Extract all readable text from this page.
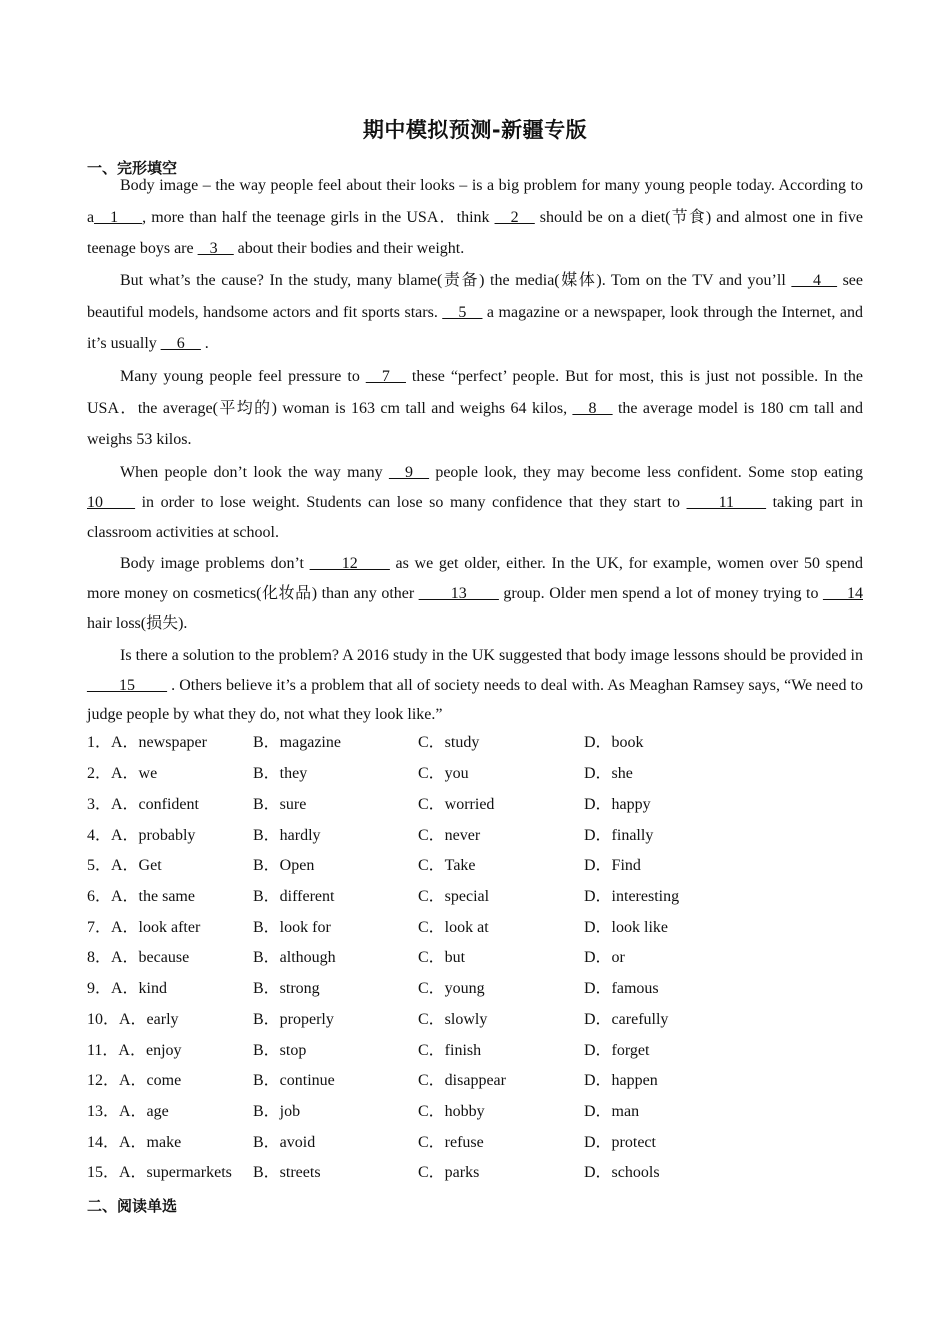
期中模拟预测-新疆专版
一、完形填空
Body image – the way people feel about their looks – is a big problem for many young people today. According to a__1___, more than half the teenage girls in the USA．think __2__ should be on a diet(节食) and almost one in five teenage boys are  _3__ about their bodies and their weight.
But what’s the cause? In the study, many blame(责备) the media(媒体). Tom on the TV and you’ll  __4__ see beautiful models, handsome actors and fit sports stars. __5__ a magazine or a newspaper, look through the Internet, and it’s usually __6__ .
Many young people feel pressure to __7__ these “perfect’ people. But for most, this is just not possible. In the USA．the average(平均的) woman is 163 cm tall and weighs 64 kilos, __8__ the average model is 180 cm tall and weighs 53 kilos.
When people don’t look the way many __9__ people look, they may become less confident. Some stop eating 10____ in order to lose weight. Students can lose so many confidence that they start to ____11____ taking part in classroom activities at school.
Body image problems don’t ____12____ as we get older, either. In the UK, for example, women over 50 spend more money on cosmetics(化妆品) than any other ____13____ group. Older men spend a lot of money trying to ___14 hair loss(损失).
Is there a solution to the problem? A 2016 study in the UK suggested that body image lessons should be provided in ____15____ . Others believe it’s a problem that all of society needs to deal with. As Meaghan Ramsey says, “We need to judge people by what they do, not what they look like.”
1．A．newspaper	B．magazine	C．study	D．book
2．A．we	B．they	C．you	D．she
3．A．confident	B．sure	C．worried	D．happy
4．A．probably	B．hardly	C．never	D．finally
5．A．Get	B．Open	C．Take	D．Find
6．A．the same	B．different	C．special	D．interesting
7．A．look after	B．look for	C．look at	D．look like
8．A．because	B．although	C．but	D．or
9．A．kind	B．strong	C．young	D．famous
10．A．early	B．properly	C．slowly	D．carefully
11．A．enjoy	B．stop	C．finish	D．forget
12．A．come	B．continue	C．disappear	D．happen
13．A．age	B．job	C．hobby	D．man
14．A．make	B．avoid	C．refuse	D．protect
15．A．supermarkets B．streets	C．parks	D．schools
二、阅读单选
